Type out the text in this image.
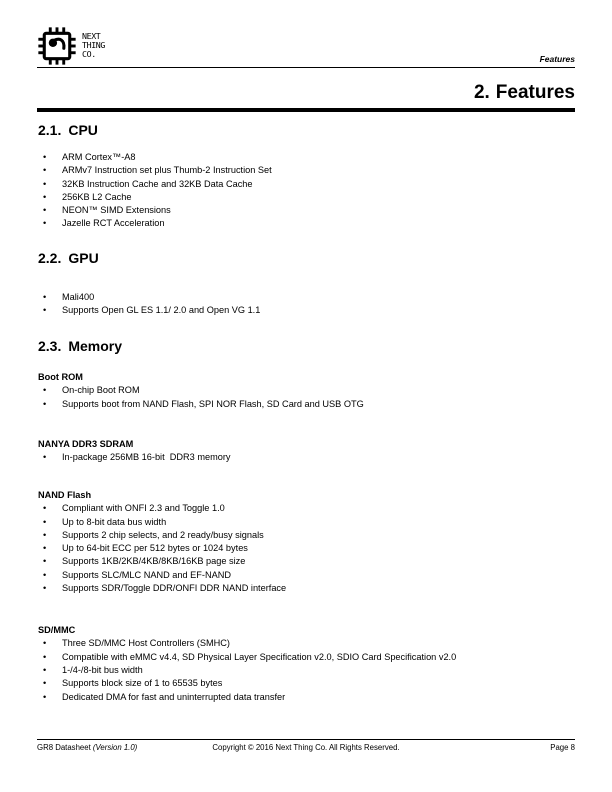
NEXT
THING
CO.
Features
2. Features
2.1. CPU
• ARM Cortex™-A8
• ARMv7 Instruction set plus Thumb-2 Instruction Set
• 32KB Instruction Cache and 32KB Data Cache
• 256KB L2 Cache
• NEON™ SIMD Extensions
• Jazelle RCT Acceleration
2.2. GPU
• Mali400
• Supports Open GL ES 1.1/ 2.0 and Open VG 1.1
2.3. Memory
Boot ROM
• On-chip Boot ROM
• Supports boot from NAND Flash, SPI NOR Flash, SD Card and USB OTG
NANYA DDR3 SDRAM
• In-package 256MB 16-bit  DDR3 memory
NAND Flash
• Compliant with ONFI 2.3 and Toggle 1.0
• Up to 8-bit data bus width
• Supports 2 chip selects, and 2 ready/busy signals
• Up to 64-bit ECC per 512 bytes or 1024 bytes
• Supports 1KB/2KB/4KB/8KB/16KB page size
• Supports SLC/MLC NAND and EF-NAND
• Supports SDR/Toggle DDR/ONFI DDR NAND interface
SD/MMC
• Three SD/MMC Host Controllers (SMHC)
• Compatible with eMMC v4.4, SD Physical Layer Specification v2.0, SDIO Card Specification v2.0
• 1-/4-/8-bit bus width
• Supports block size of 1 to 65535 bytes
• Dedicated DMA for fast and uninterrupted data transfer
GR8 Datasheet (Version 1.0)	Copyright © 2016 Next Thing Co. All Rights Reserved.	Page 8
